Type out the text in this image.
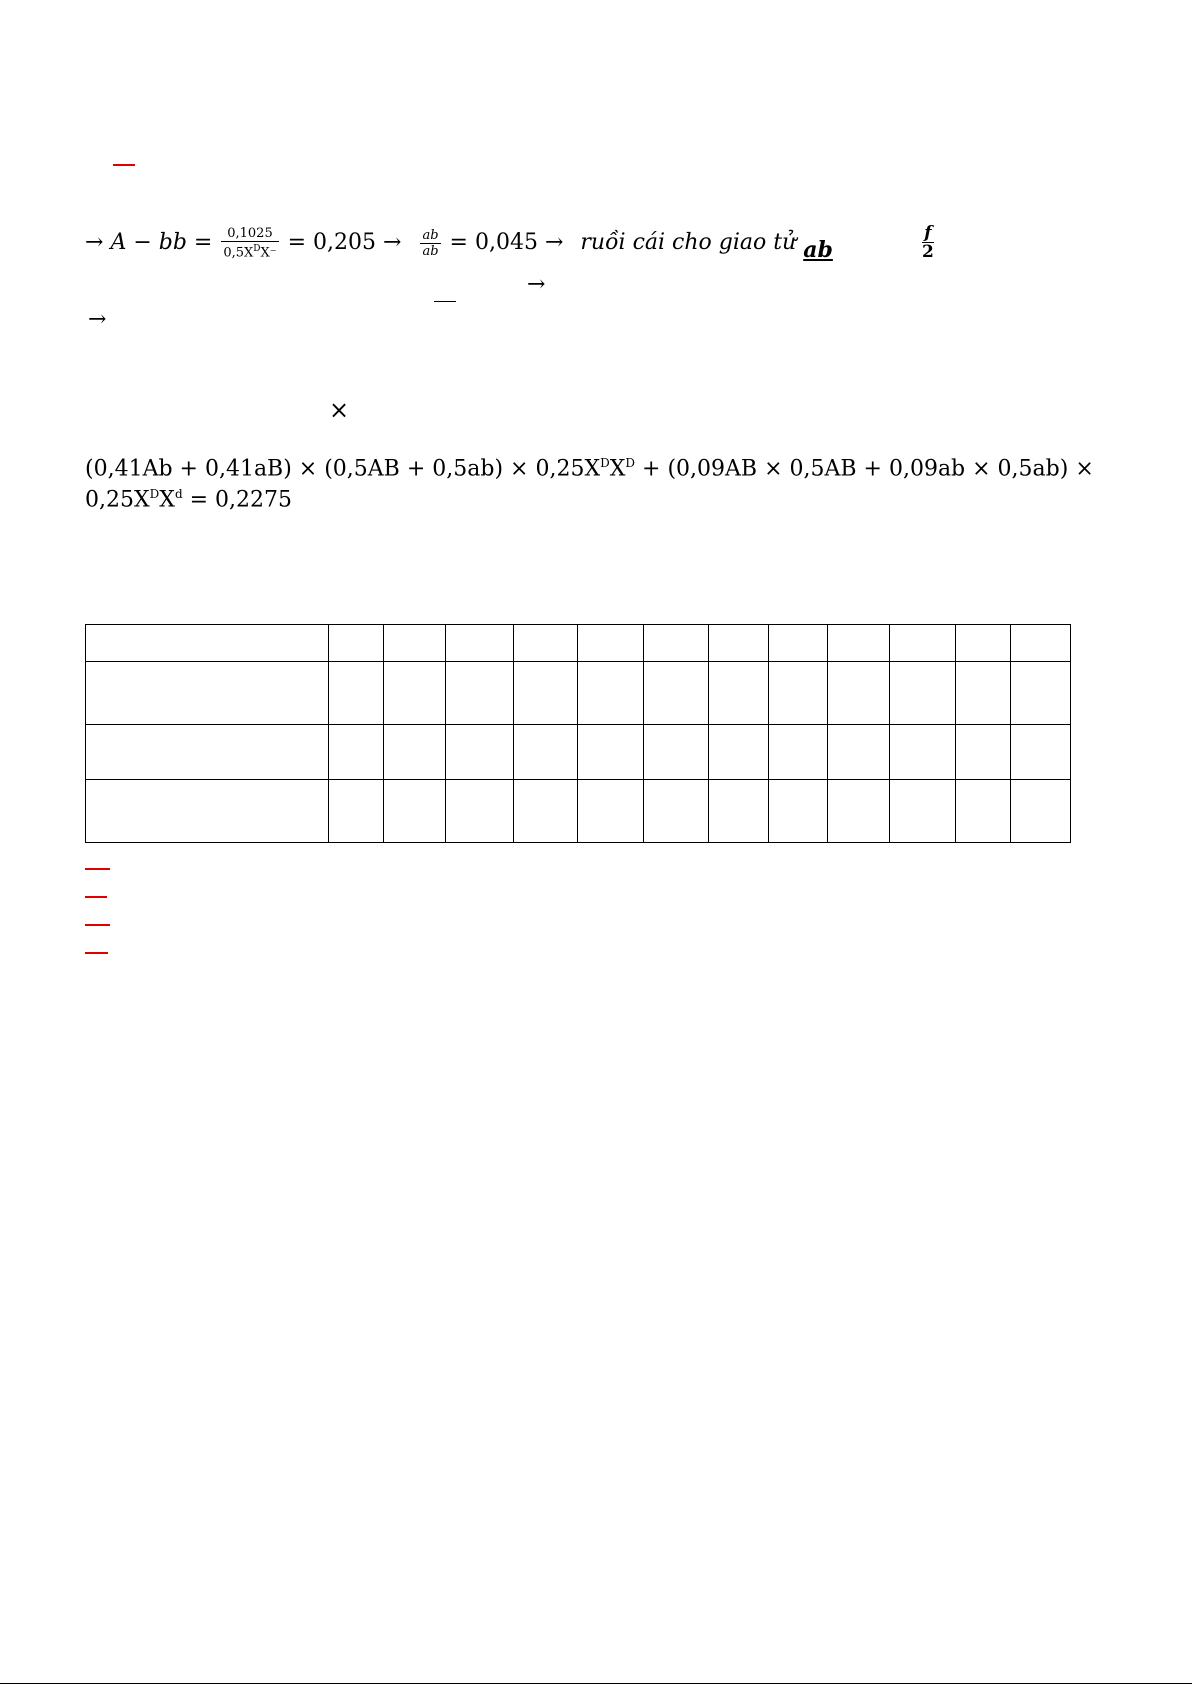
→ A − bb = $\frac{0,1025}{0,5X^DX^-} = 0,205 \to \frac{ab}{ab} = 0,045$ → ruồi cái cho giao tử ab	$\frac{f}{2}$
→
→
×
$(0,41Ab + 0,41aB) \times (0,5AB + 0,5ab) \times 0,25X^DX^D + (0,09AB \times 0,5AB + 0,09ab \times 0,5ab)$ ×
$0,25X^DX^d = 0,2275$
